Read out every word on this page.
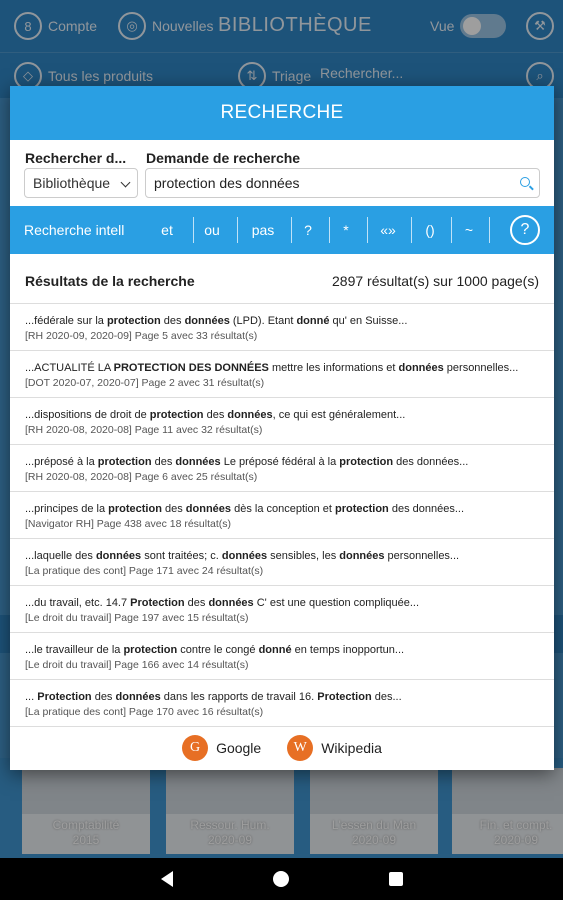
8	Compte	◎	Nouvelles BIBLIOTHÈQUE	Vue	⚒
◇	Tous les produits	⇅	Triage Rechercher...	⌕
Comptabilité
2015
Ressour. Hum.
2020-09
L'essen du Man
2020-09
Fin. et compt.
2020-09
RECHERCHE
Rechercher d... Demande de recherche
Bibliothèque	protection des données
Recherche intell	et	ou	pas	?	*	«»	()	~	?
Résultats de la recherche	2897 résultat(s) sur 1000 page(s)
...fédérale sur la protection des données (LPD). Etant donné qu' en Suisse...
[RH 2020-09, 2020-09] Page 5 avec 33 résultat(s)
...ACTUALITÉ LA PROTECTION DES DONNÉES mettre les informations et données personnelles...
[DOT 2020-07, 2020-07] Page 2 avec 31 résultat(s)
...dispositions de droit de protection des données, ce qui est généralement...
[RH 2020-08, 2020-08] Page 11 avec 32 résultat(s)
...préposé à la protection des données Le préposé fédéral à la protection des données...
[RH 2020-08, 2020-08] Page 6 avec 25 résultat(s)
...principes de la protection des données dès la conception et protection des données...
[Navigator RH] Page 438 avec 18 résultat(s)
...laquelle des données sont traitées; c. données sensibles, les données personnelles...
[La pratique des cont] Page 171 avec 24 résultat(s)
...du travail, etc. 14.7 Protection des données C' est une question compliquée...
[Le droit du travail] Page 197 avec 15 résultat(s)
...le travailleur de la protection contre le congé donné en temps inopportun...
[Le droit du travail] Page 166 avec 14 résultat(s)
... Protection des données dans les rapports de travail 16. Protection des...
[La pratique des cont] Page 170 avec 16 résultat(s)
G	Google	W	Wikipedia
